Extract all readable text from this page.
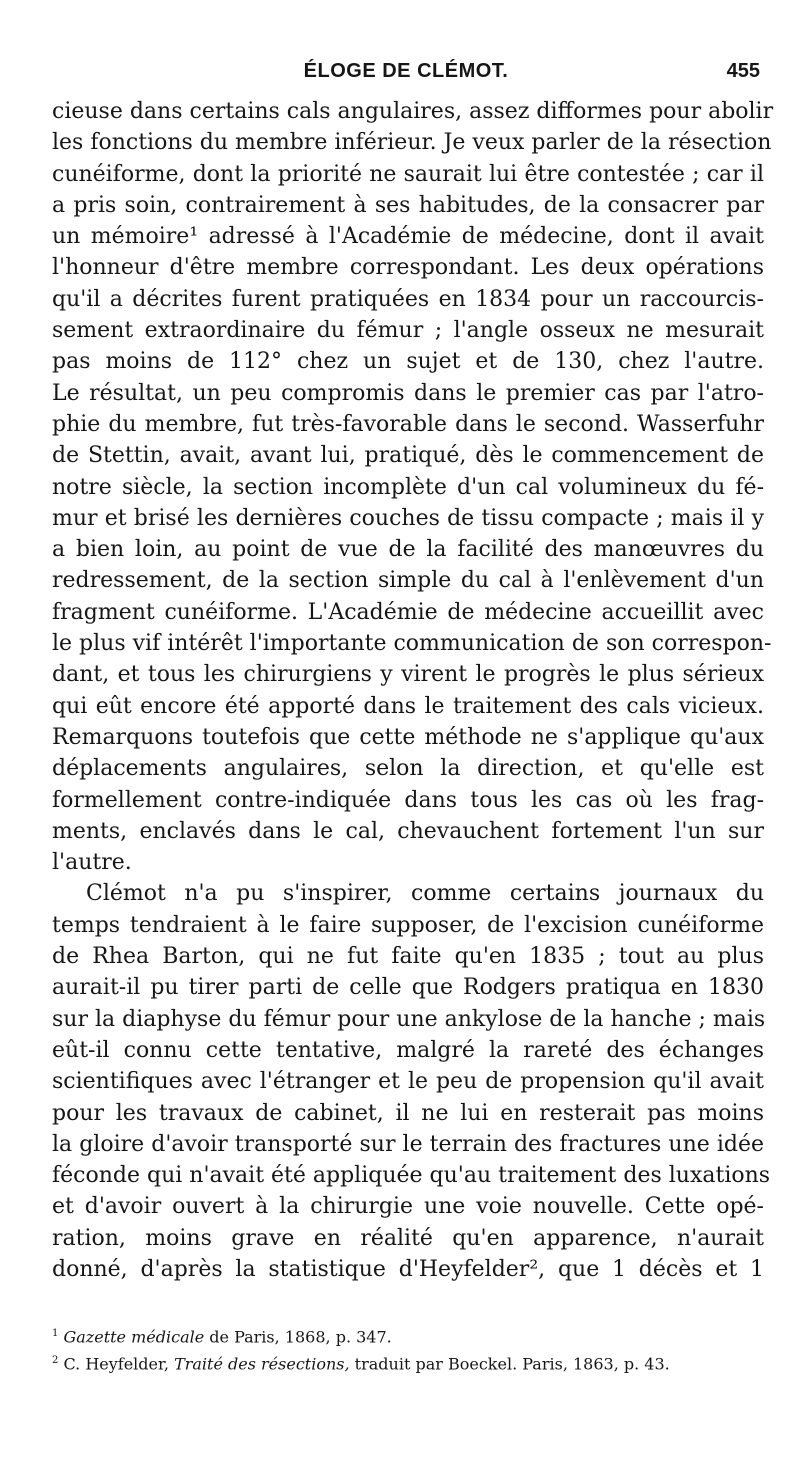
ÉLOGE DE CLÉMOT.	455
cieuse dans certains cals angulaires, assez difformes pour abolir
les fonctions du membre inférieur. Je veux parler de la résection
cunéiforme, dont la priorité ne saurait lui être contestée ; car il
a pris soin, contrairement à ses habitudes, de la consacrer par
un mémoire¹ adressé à l'Académie de médecine, dont il avait
l'honneur d'être membre correspondant. Les deux opérations
qu'il a décrites furent pratiquées en 1834 pour un raccourcis-
sement extraordinaire du fémur ; l'angle osseux ne mesurait
pas moins de 112° chez un sujet et de 130, chez l'autre.
Le résultat, un peu compromis dans le premier cas par l'atro-
phie du membre, fut très-favorable dans le second. Wasserfuhr
de Stettin, avait, avant lui, pratiqué, dès le commencement de
notre siècle, la section incomplète d'un cal volumineux du fé-
mur et brisé les dernières couches de tissu compacte ; mais il y
a bien loin, au point de vue de la facilité des manœuvres du
redressement, de la section simple du cal à l'enlèvement d'un
fragment cunéiforme. L'Académie de médecine accueillit avec
le plus vif intérêt l'importante communication de son correspon-
dant, et tous les chirurgiens y virent le progrès le plus sérieux
qui eût encore été apporté dans le traitement des cals vicieux.
Remarquons toutefois que cette méthode ne s'applique qu'aux
déplacements angulaires, selon la direction, et qu'elle est
formellement contre-indiquée dans tous les cas où les frag-
ments, enclavés dans le cal, chevauchent fortement l'un sur
l'autre.
Clémot n'a pu s'inspirer, comme certains journaux du
temps tendraient à le faire supposer, de l'excision cunéiforme
de Rhea Barton, qui ne fut faite qu'en 1835 ; tout au plus
aurait-il pu tirer parti de celle que Rodgers pratiqua en 1830
sur la diaphyse du fémur pour une ankylose de la hanche ; mais
eût-il connu cette tentative, malgré la rareté des échanges
scientifiques avec l'étranger et le peu de propension qu'il avait
pour les travaux de cabinet, il ne lui en resterait pas moins
la gloire d'avoir transporté sur le terrain des fractures une idée
féconde qui n'avait été appliquée qu'au traitement des luxations
et d'avoir ouvert à la chirurgie une voie nouvelle. Cette opé-
ration, moins grave en réalité qu'en apparence, n'aurait
donné, d'après la statistique d'Heyfelder², que 1 décès et 1
$^1$ Gazette médicale de Paris, 1868, p. 347.
$^2$ C. Heyfelder, Traité des résections, traduit par Boeckel. Paris, 1863, p. 43.
